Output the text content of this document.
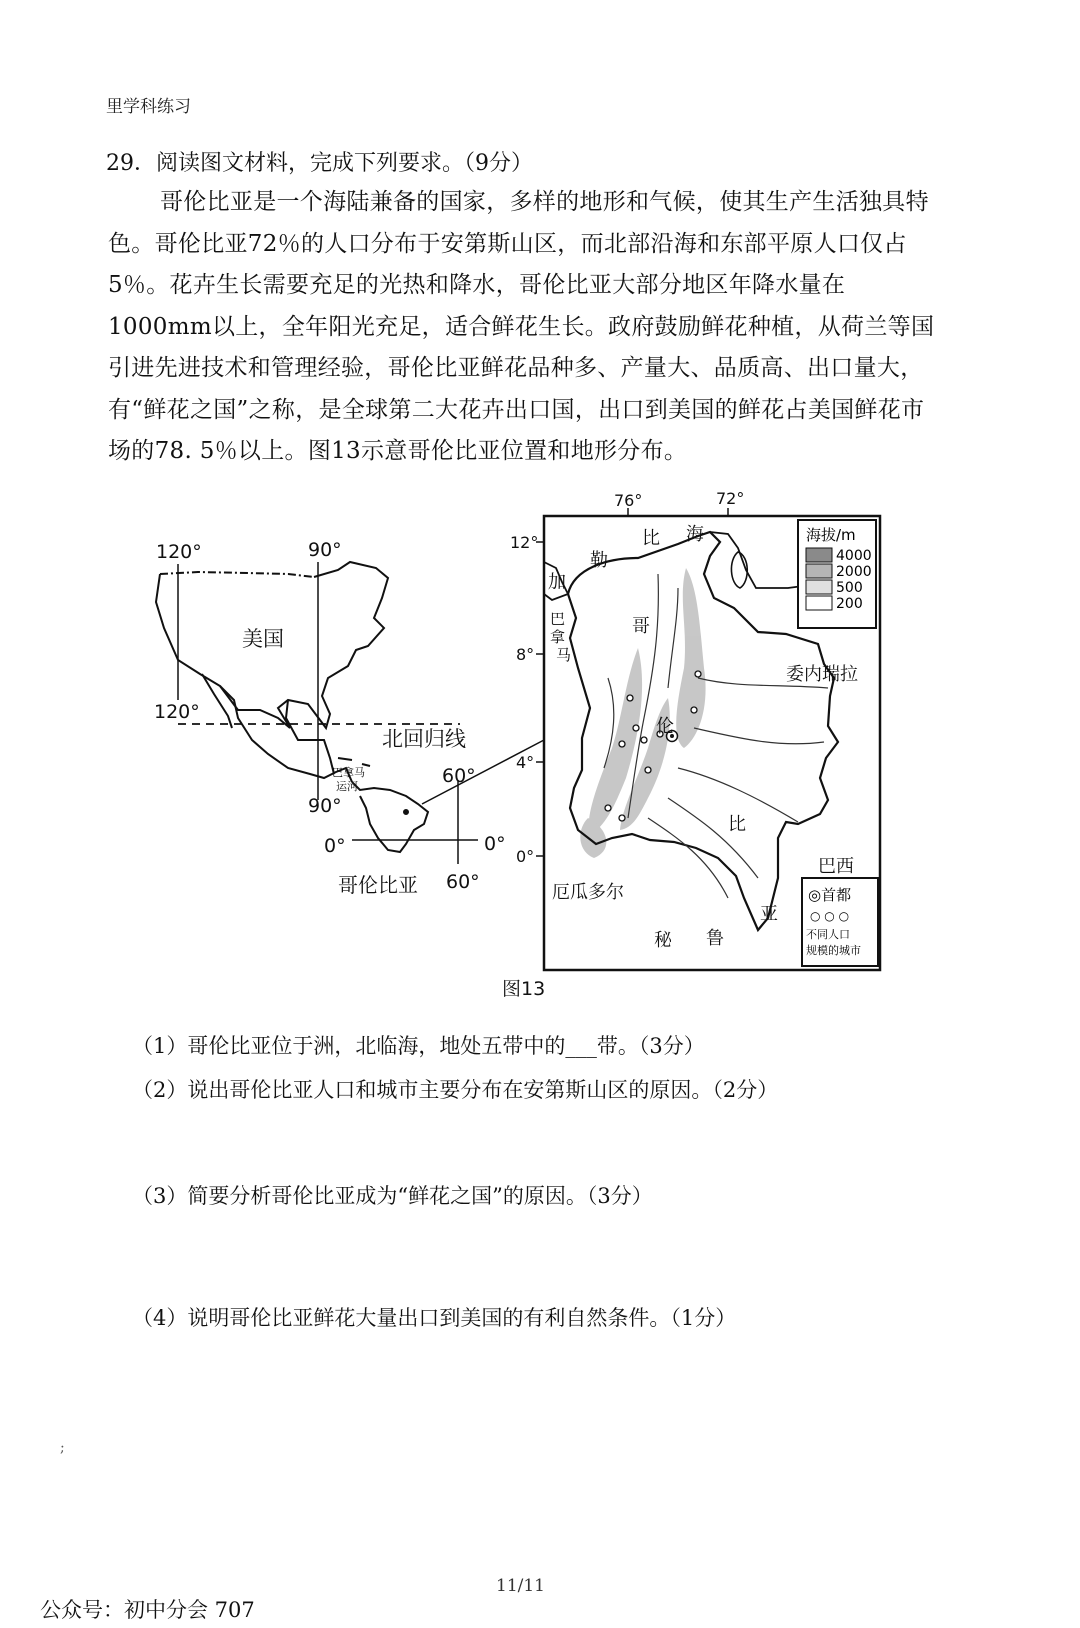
里学科练习
29．阅读图文材料，完成下列要求。（9分）
哥伦比亚是一个海陆兼备的国家，多样的地形和气候，使其生产生活独具特色。哥伦比亚72％的人口分布于安第斯山区，而北部沿海和东部平原人口仅占5％。花卉生长需要充足的光热和降水，哥伦比亚大部分地区年降水量在1000mm以上，全年阳光充足，适合鲜花生长。政府鼓励鲜花种植，从荷兰等国引进先进技术和管理经验，哥伦比亚鲜花品种多、产量大、品质高、出口量大，有“鲜花之国”之称，是全球第二大花卉出口国，出口到美国的鲜花占美国鲜花市场的78. 5％以上。图13示意哥伦比亚位置和地形分布。
120°	90°
美国
120°
北回归线
巴拿马
运河	60°
90°
0°	0°
哥伦比亚 60°
76°	72°
12°
8°
4°
0°
加
勒
比 海
巴
拿
马
哥
伦
比
亚
委内瑞拉
巴西
厄瓜多尔
秘 鲁
海拔/m
4000
2000
500
200
◎首都
○ ○ ○
不同人口
规模的城市
图13
（1）哥伦比亚位于洲，北临海，地处五带中的___带。（3分）
（2）说出哥伦比亚人口和城市主要分布在安第斯山区的原因。（2分）
（3）简要分析哥伦比亚成为“鲜花之国”的原因。（3分）
（4）说明哥伦比亚鲜花大量出口到美国的有利自然条件。（1分）
;
11/11
公众号：初中分会 707
